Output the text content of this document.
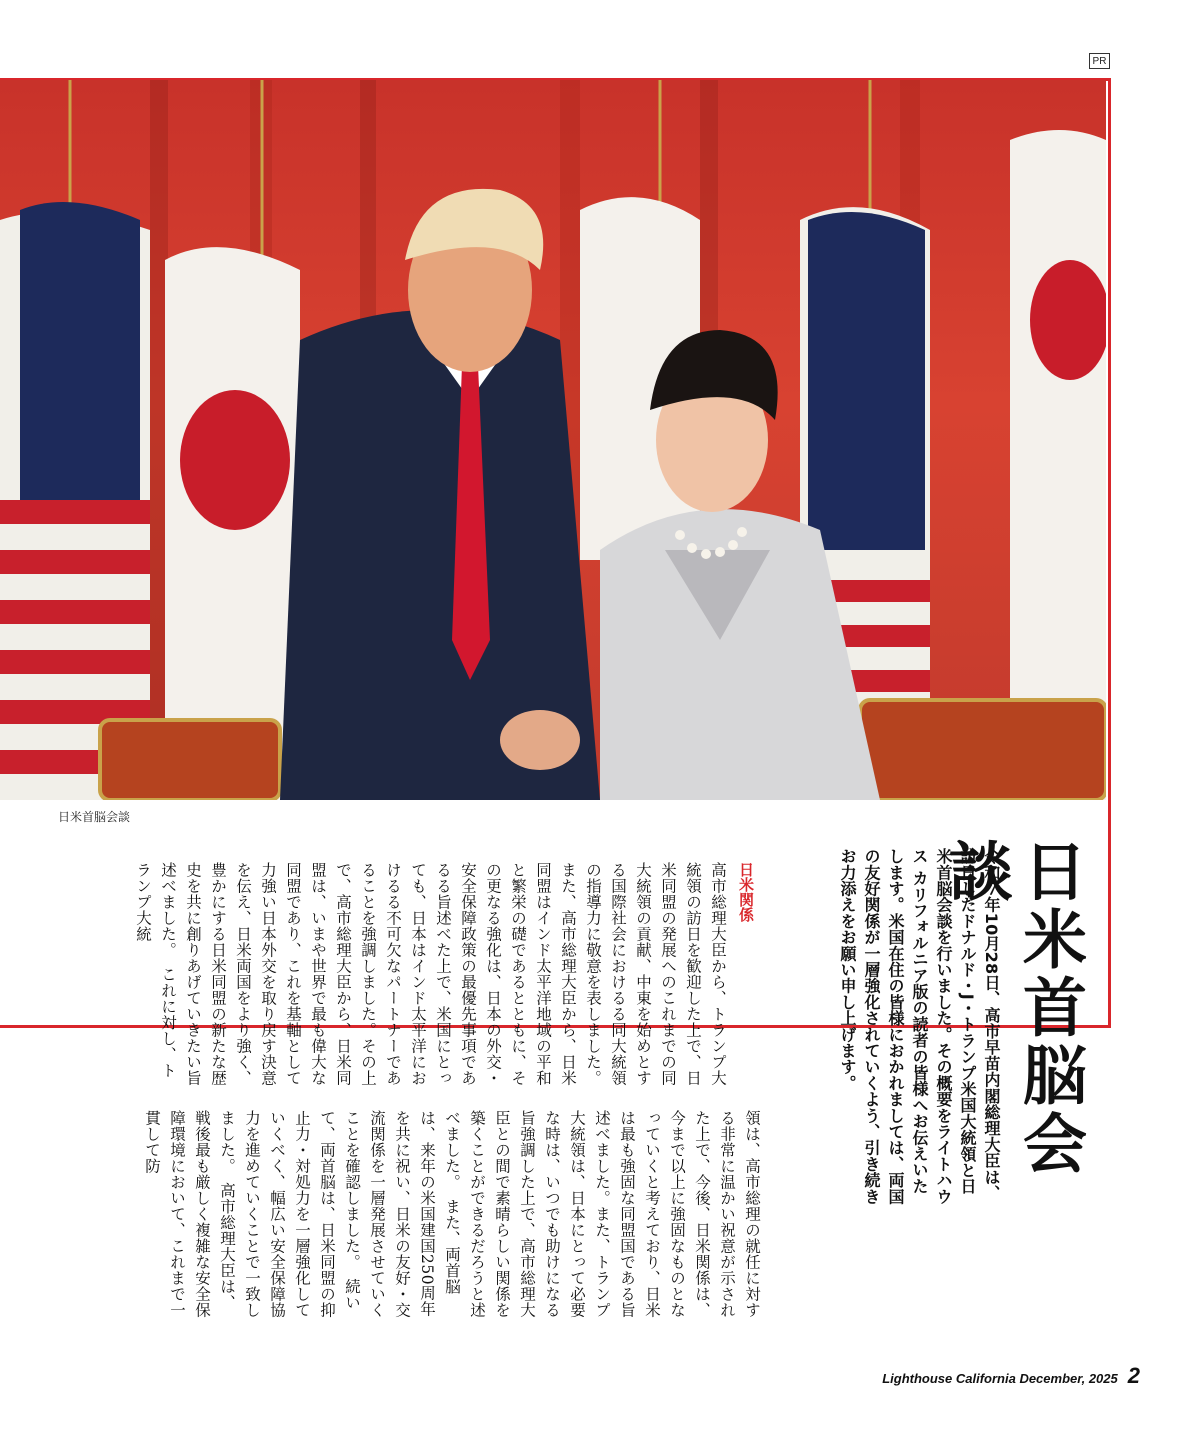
PR
日米首脳会談
日米首脳会談
令和７年10月28日、高市早苗内閣総理大臣は、訪日したドナルド・J・トランプ米国大統領と日米首脳会談を行いました。その概要をライトハウス カリフォルニア版の読者の皆様へお伝えいたします。米国在住の皆様におかれましては、両国の友好関係が一層強化されていくよう、引き続きお力添えをお願い申し上げます。
日米関係
高市総理大臣から、トランプ大統領の訪日を歓迎した上で、日米同盟の発展へのこれまでの同大統領の貢献、中東を始めとする国際社会におけるる同大統領の指導力に敬意を表しました。また、高市総理大臣から、日米同盟はインド太平洋地域の平和と繁栄の礎であるとともに、その更なる強化は、日本の外交・安全保障政策の最優先事項であるる旨述べた上で、米国にとっても、日本はインド太平洋におけるる不可欠なパートナーであることを強調しました。その上で、高市総理大臣から、日米同盟は、いまや世界で最も偉大な同盟であり、これを基軸として力強い日本外交を取り戻す決意を伝え、日米両国をより強く、豊かにする日米同盟の新たな歴史を共に創りあげていきたい旨述べました。　これに対し、トランプ大統
領は、高市総理の就任に対する非常に温かい祝意が示された上で、今後、日米関係は、今まで以上に強固なものとなっていくと考えており、日米は最も強固な同盟国である旨述べました。また、トランプ大統領は、日本にとって必要な時は、いつでも助けになる旨強調した上で、高市総理大臣との間で素晴らしい関係を築くことができるだろうと述べました。　また、両首脳は、来年の米国建国250周年を共に祝い、日米の友好・交流関係を一層発展させていくことを確認しました。　続いて、両首脳は、日米同盟の抑止力・対処力を一層強化していくべく、幅広い安全保障協力を進めていくことで一致しました。　高市総理大臣は、戦後最も厳しく複雑な安全保障環境において、これまで一貫して防
Lighthouse California December, 2025 2
